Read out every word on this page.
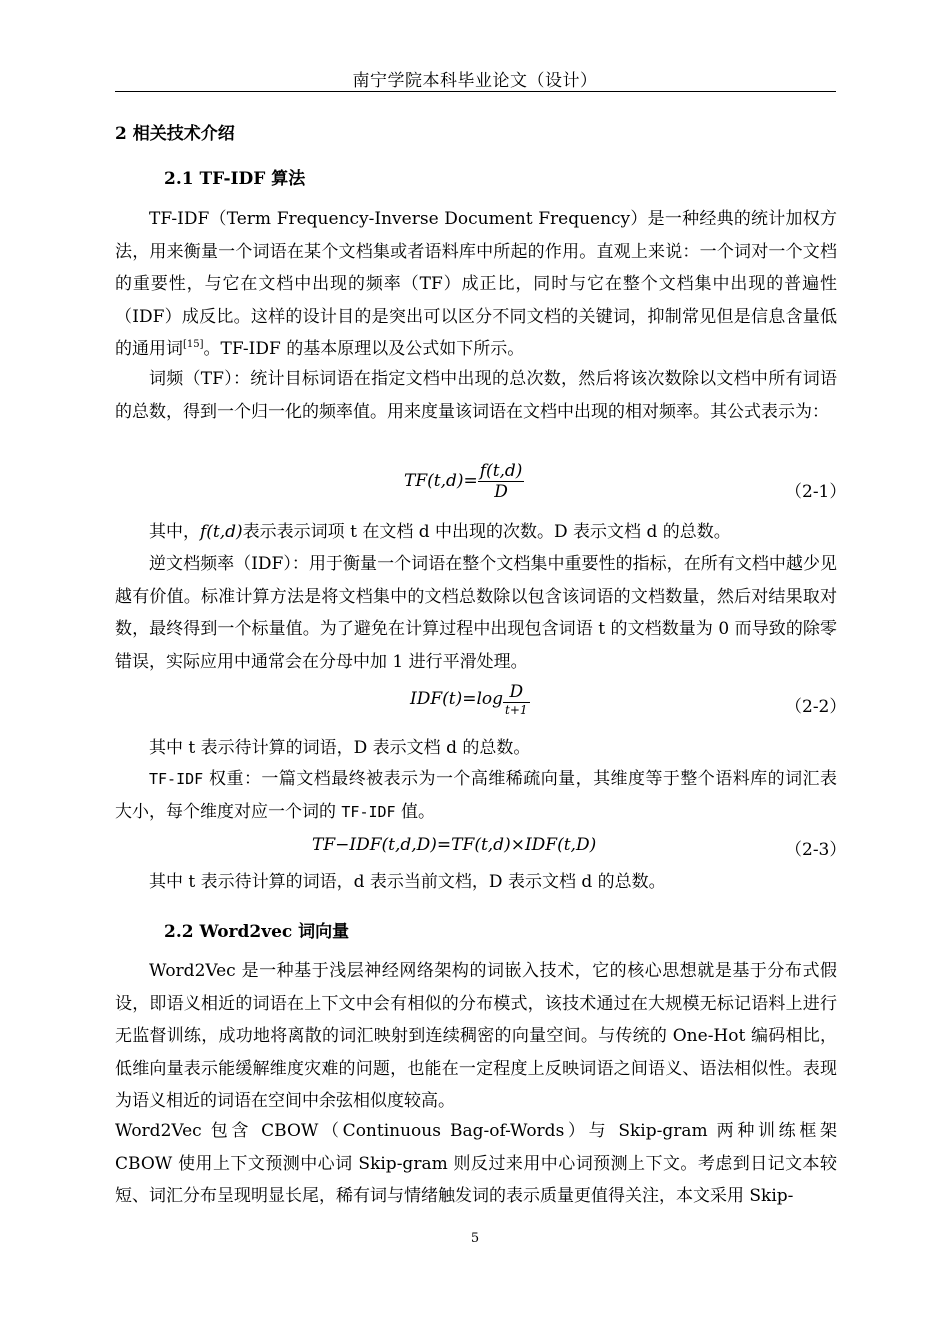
南宁学院本科毕业论文（设计）
2 相关技术介绍
2.1 TF-IDF 算法

TF-IDF（Term Frequency-Inverse Document Frequency）是一种经典的统计加权方法，用来衡量一个词语在某个文档集或者语料库中所起的作用。直观上来说：一个词对一个文档的重要性，与它在文档中出现的频率（TF）成正比，同时与它在整个文档集中出现的普遍性（IDF）成反比。这样的设计目的是突出可以区分不同文档的关键词，抑制常见但是信息含量低的通用词[15]。TF-IDF 的基本原理以及公式如下所示。

词频（TF）：统计目标词语在指定文档中出现的总次数，然后将该次数除以文档中所有词语的总数，得到一个归一化的频率值。用来度量该词语在文档中出现的相对频率。其公式表示为：

$TF(t,d)= \frac{f(t,d)}{D}$	（2-1）
其中，f(t,d)表示表示词项 t 在文档 d 中出现的次数。D 表示文档 d 的总数。

逆文档频率（IDF）：用于衡量一个词语在整个文档集中重要性的指标，在所有文档中越少见越有价值。标准计算方法是将文档集中的文档总数除以包含该词语的文档数量，然后对结果取对数，最终得到一个标量值。为了避免在计算过程中出现包含词语 t 的文档数量为 0 而导致的除零错误，实际应用中通常会在分母中加 1 进行平滑处理。

$IDF(t)=\log \frac{D}{t+1}$	（2-2）
其中 t 表示待计算的词语，D 表示文档 d 的总数。

TF-IDF 权重：一篇文档最终被表示为一个高维稀疏向量，其维度等于整个语料库的词汇表大小，每个维度对应一个词的 TF-IDF 值。

TF−IDF(t,d,D)=TF(t,d)×IDF(t,D)	（2-3）
其中 t 表示待计算的词语，d 表示当前文档，D 表示文档 d 的总数。
2.2 Word2vec 词向量

Word2Vec 是一种基于浅层神经网络架构的词嵌入技术，它的核心思想就是基于分布式假设，即语义相近的词语在上下文中会有相似的分布模式，该技术通过在大规模无标记语料上进行无监督训练，成功地将离散的词汇映射到连续稠密的向量空间。与传统的 One-Hot 编码相比，低维向量表示能缓解维度灾难的问题，也能在一定程度上反映词语之间语义、语法相似性。表现为语义相近的词语在空间中余弦相似度较高。

Word2Vec 包含 CBOW（Continuous Bag-of-Words）与 Skip-gram 两种训练框架 CBOW 使用上下文预测中心词 Skip-gram 则反过来用中心词预测上下文。考虑到日记文本较短、词汇分布呈现明显长尾，稀有词与情绪触发词的表示质量更值得关注，本文采用 Skip-

5
